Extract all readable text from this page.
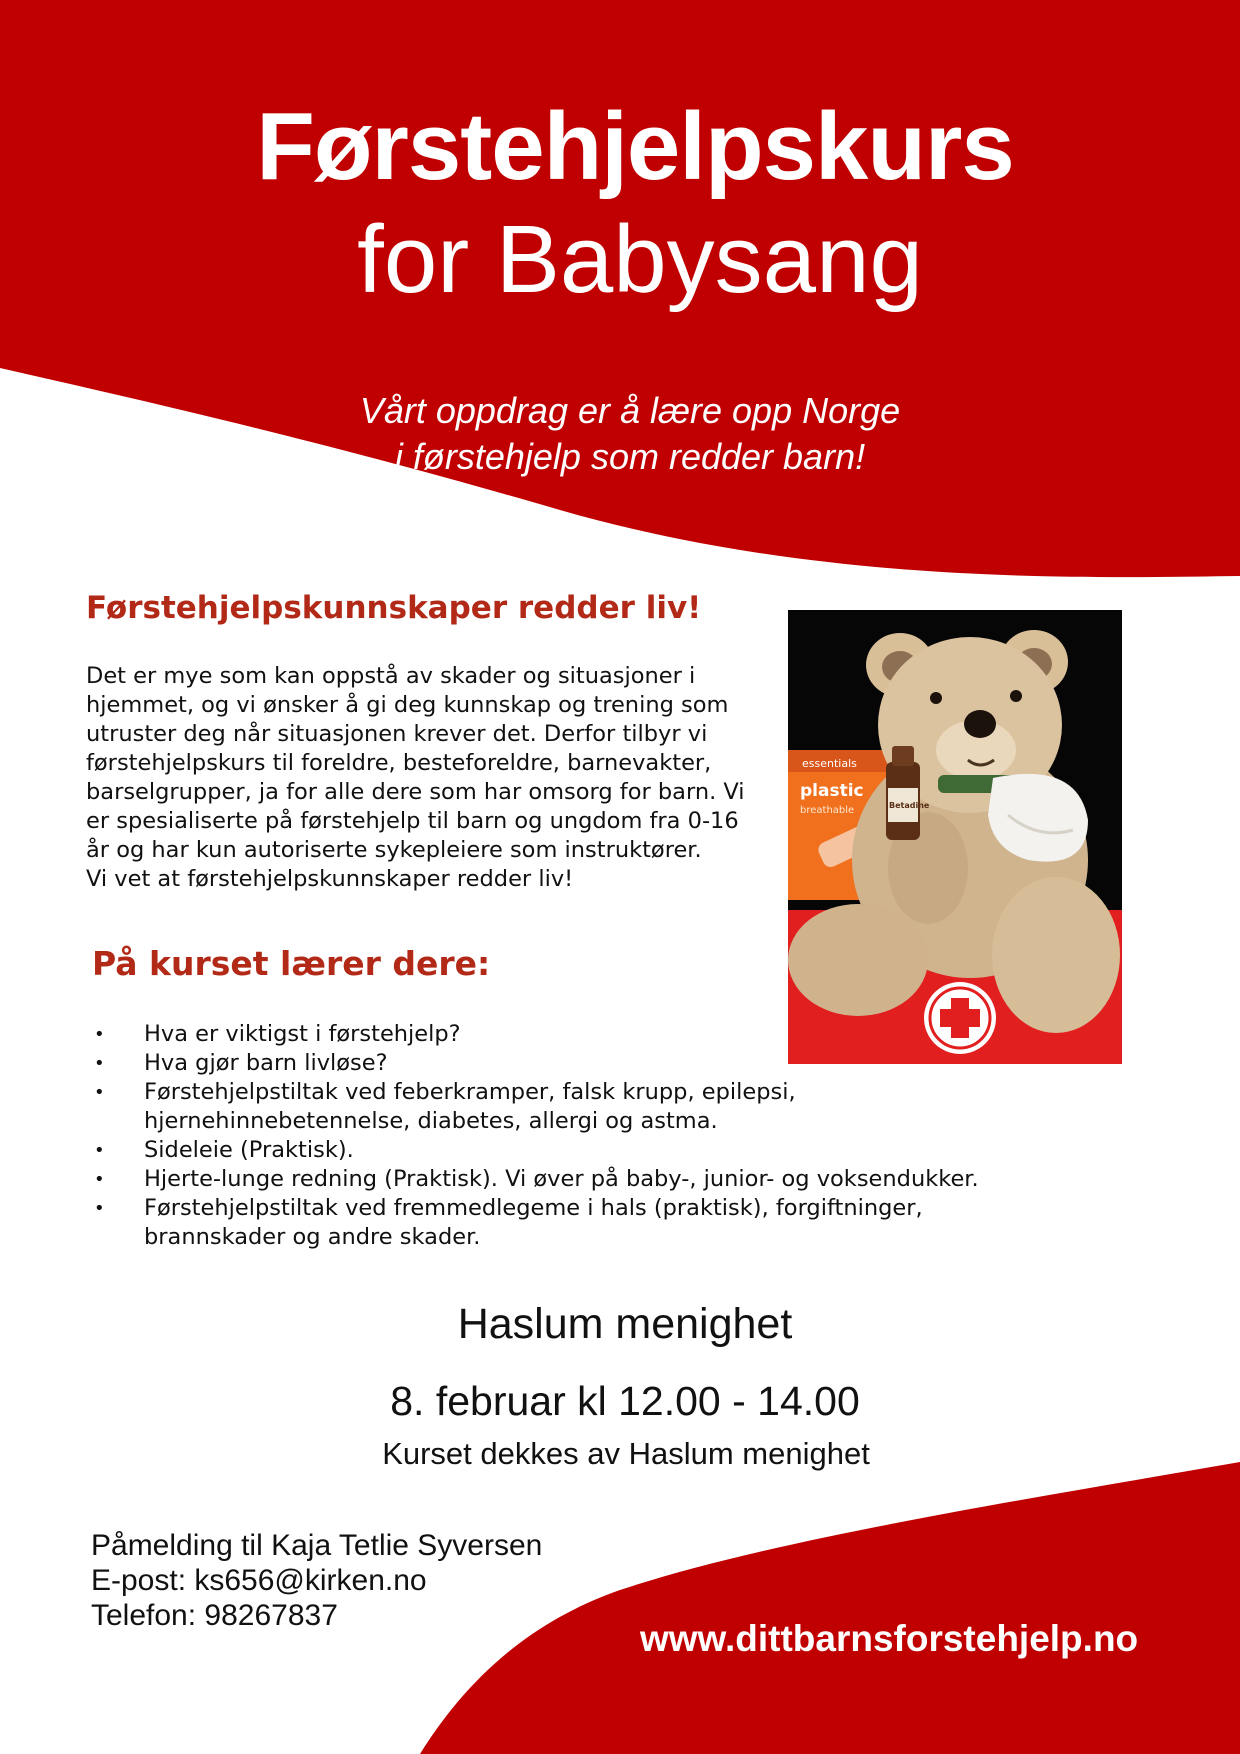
Førstehjelpskurs
for Babysang
Vårt oppdrag er å lære opp Norge
i førstehjelp som redder barn!
Førstehjelpskunnskaper redder liv!
Det er mye som kan oppstå av skader og situasjoner i
hjemmet, og vi ønsker å gi deg kunnskap og trening som
utruster deg når situasjonen krever det. Derfor tilbyr vi
førstehjelpskurs til foreldre, besteforeldre, barnevakter,
barselgrupper, ja for alle dere som har omsorg for barn. Vi
er spesialiserte på førstehjelp til barn og ungdom fra 0-16
år og har kun autoriserte sykepleiere som instruktører.
Vi vet at førstehjelpskunnskaper redder liv!
essentials
plastic
breathable	Betadine
På kurset lærer dere:
• Hva er viktigst i førstehjelp?
• Hva gjør barn livløse?
• Førstehjelpstiltak ved feberkramper, falsk krupp, epilepsi,
hjernehinnebetennelse, diabetes, allergi og astma.
• Sideleie (Praktisk).
• Hjerte-lunge redning (Praktisk). Vi øver på baby-, junior- og voksendukker.
• Førstehjelpstiltak ved fremmedlegeme i hals (praktisk), forgiftninger,
brannskader og andre skader.
Haslum menighet
8. februar kl 12.00 - 14.00
Kurset dekkes av Haslum menighet
Påmelding til Kaja Tetlie Syversen
E-post: ks656@kirken.no
Telefon: 98267837
www.dittbarnsforstehjelp.no
